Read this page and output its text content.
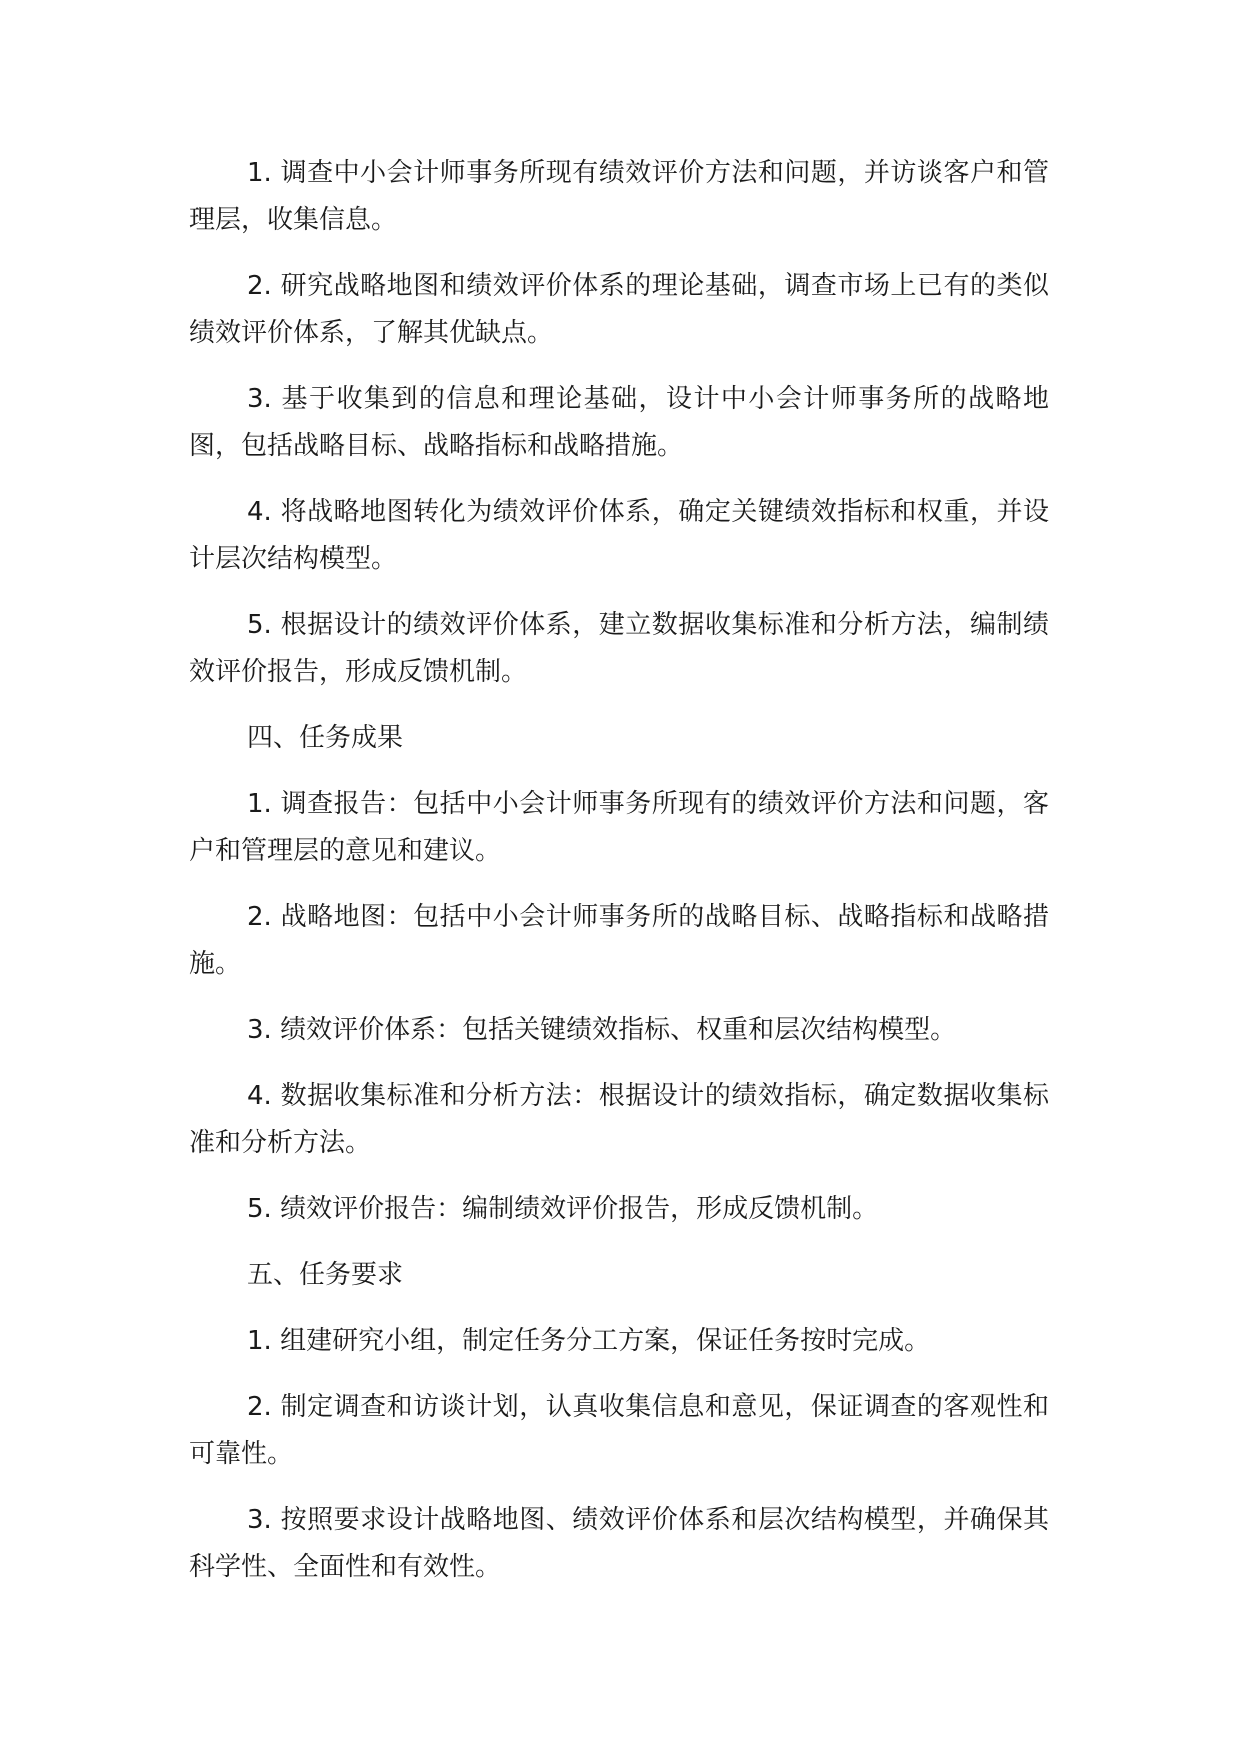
1. 调查中小会计师事务所现有绩效评价方法和问题，并访谈客户和管理层，收集信息。

2. 研究战略地图和绩效评价体系的理论基础，调查市场上已有的类似绩效评价体系，了解其优缺点。

3. 基于收集到的信息和理论基础，设计中小会计师事务所的战略地图，包括战略目标、战略指标和战略措施。

4. 将战略地图转化为绩效评价体系，确定关键绩效指标和权重，并设计层次结构模型。

5. 根据设计的绩效评价体系，建立数据收集标准和分析方法，编制绩效评价报告，形成反馈机制。

四、任务成果

1. 调查报告：包括中小会计师事务所现有的绩效评价方法和问题，客户和管理层的意见和建议。

2. 战略地图：包括中小会计师事务所的战略目标、战略指标和战略措施。

3. 绩效评价体系：包括关键绩效指标、权重和层次结构模型。

4. 数据收集标准和分析方法：根据设计的绩效指标，确定数据收集标准和分析方法。

5. 绩效评价报告：编制绩效评价报告，形成反馈机制。

五、任务要求

1. 组建研究小组，制定任务分工方案，保证任务按时完成。

2. 制定调查和访谈计划，认真收集信息和意见，保证调查的客观性和可靠性。

3. 按照要求设计战略地图、绩效评价体系和层次结构模型，并确保其科学性、全面性和有效性。
